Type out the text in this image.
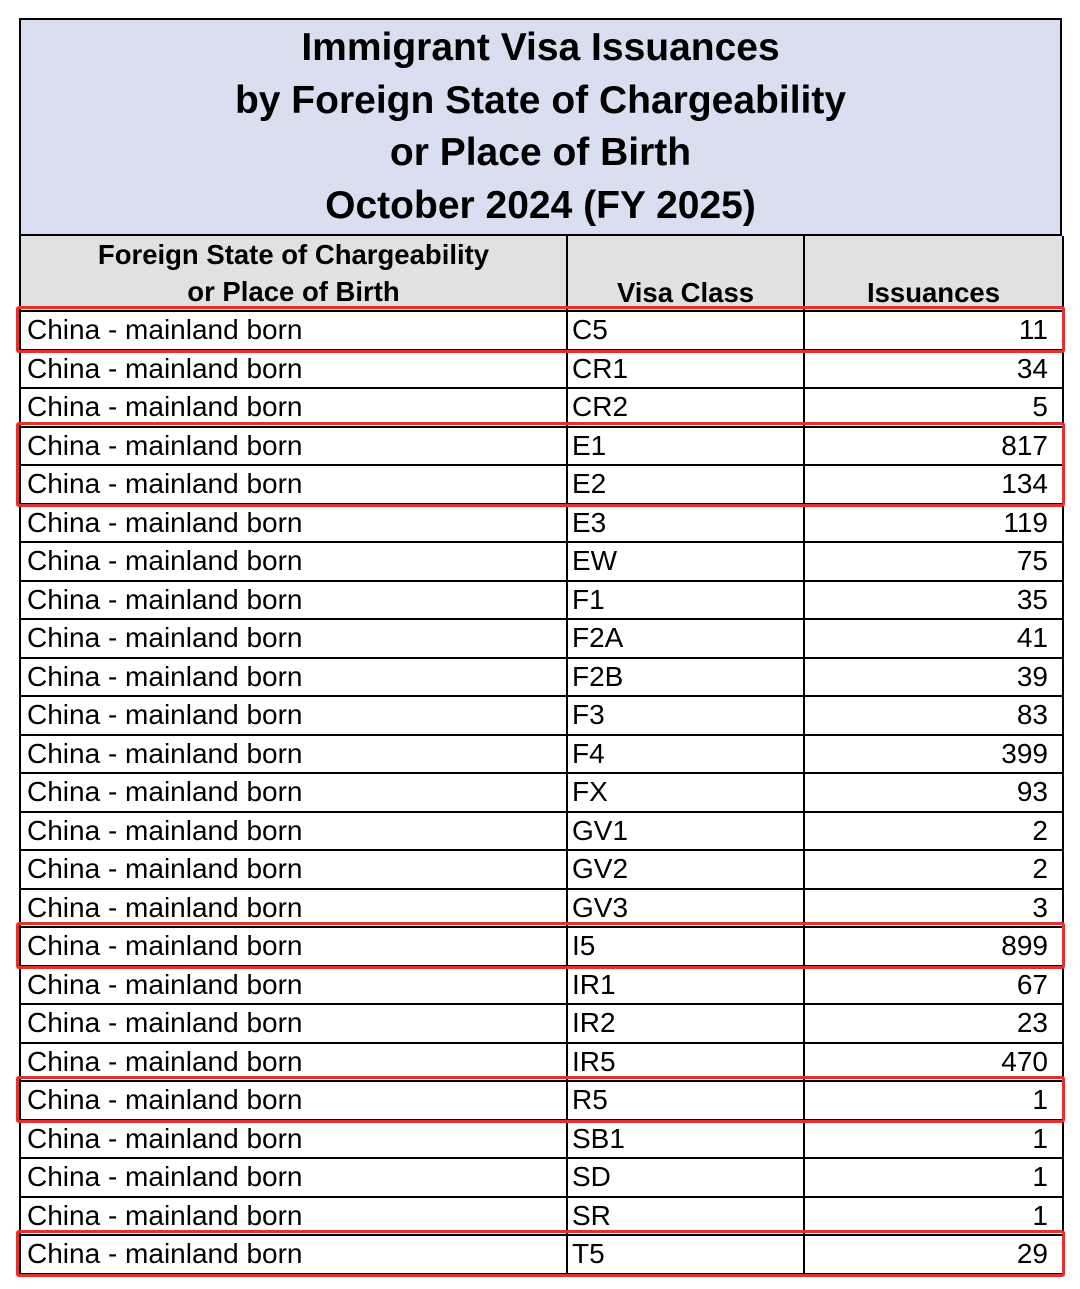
Immigrant Visa Issuances
by Foreign State of Chargeability
or Place of Birth
October 2024 (FY 2025)
Foreign State of Chargeability
or Place of Birth	Visa Class	Issuances
China - mainland born	C5	11
China - mainland born	CR1	34
China - mainland born	CR2	5
China - mainland born	E1	817
China - mainland born	E2	134
China - mainland born	E3	119
China - mainland born	EW	75
China - mainland born	F1	35
China - mainland born	F2A	41
China - mainland born	F2B	39
China - mainland born	F3	83
China - mainland born	F4	399
China - mainland born	FX	93
China - mainland born	GV1	2
China - mainland born	GV2	2
China - mainland born	GV3	3
China - mainland born	I5	899
China - mainland born	IR1	67
China - mainland born	IR2	23
China - mainland born	IR5	470
China - mainland born	R5	1
China - mainland born	SB1	1
China - mainland born	SD	1
China - mainland born	SR	1
China - mainland born	T5	29
